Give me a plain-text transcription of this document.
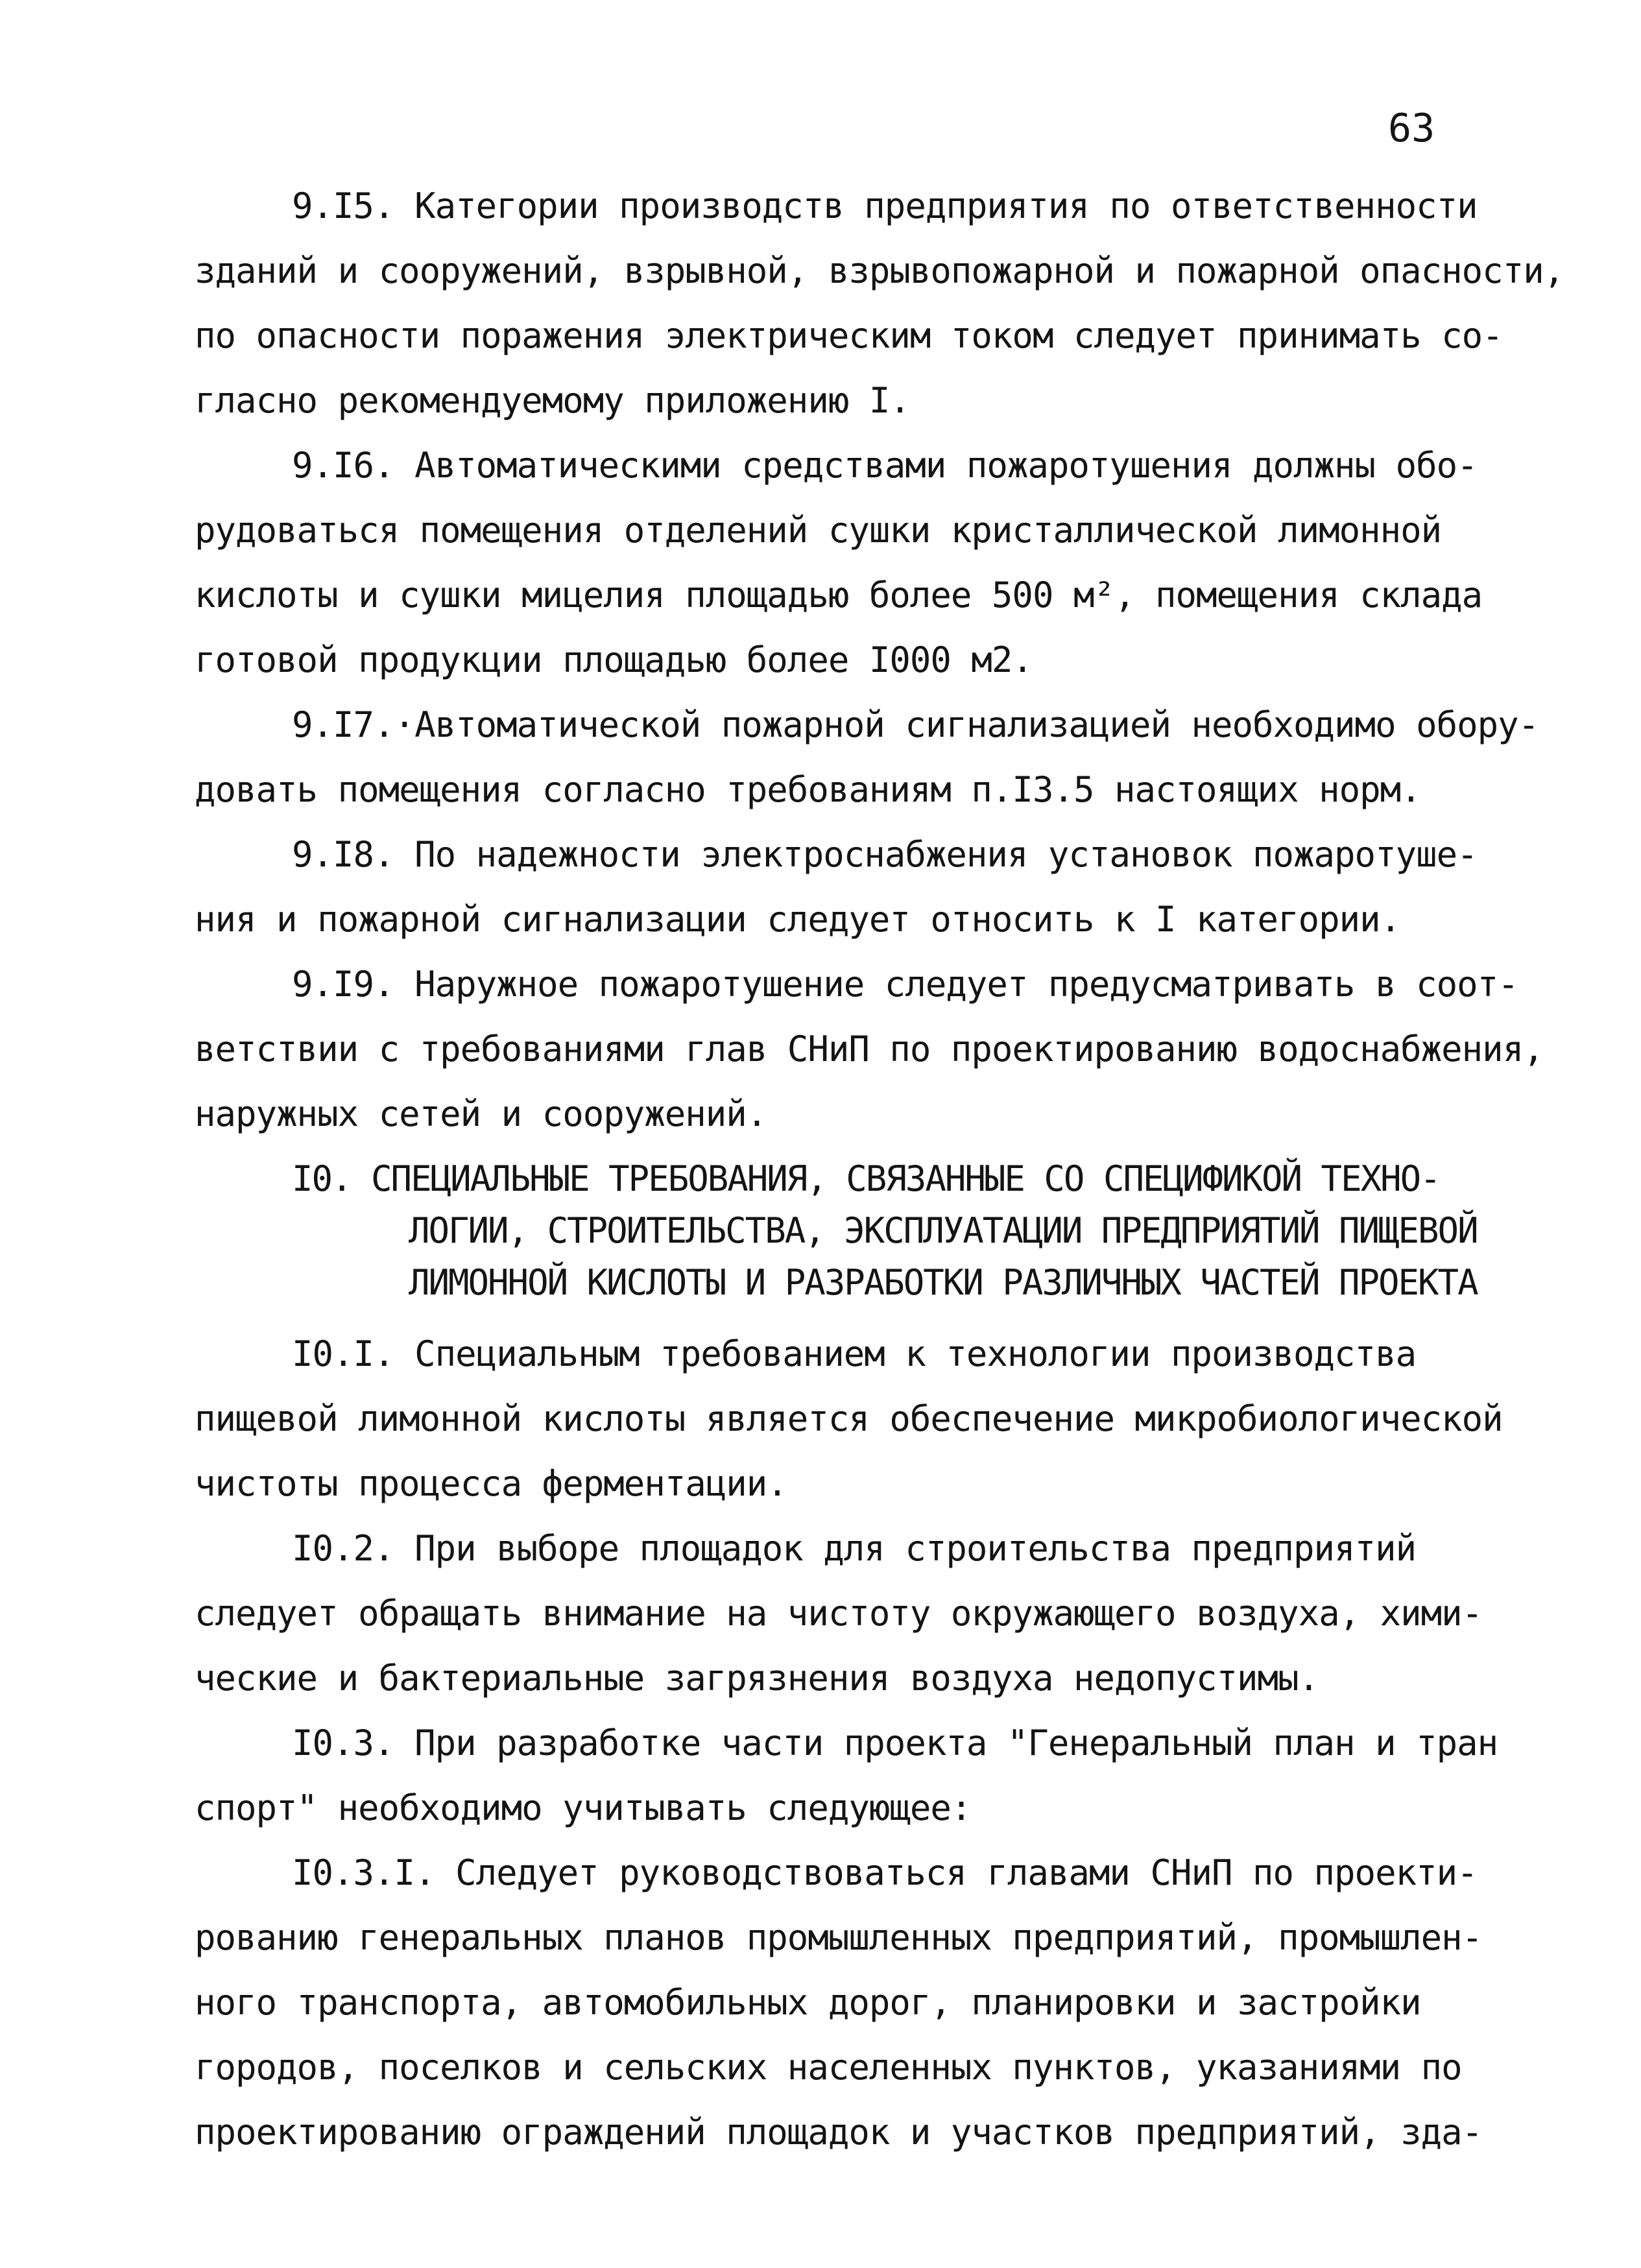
63
9.I5. Категории производств предприятия по ответственности
зданий и сооружений, взрывной, взрывопожарной и пожарной опасности,
по опасности поражения электрическим током следует принимать со-
гласно рекомендуемому приложению I.
9.I6. Автоматическими средствами пожаротушения должны обо-
рудоваться помещения отделений сушки кристаллической лимонной
кислоты и сушки мицелия площадью более 500 м², помещения склада
готовой продукции площадью более I000 м2.
9.I7.·Автоматической пожарной сигнализацией необходимо обору-
довать помещения согласно требованиям п.I3.5 настоящих норм.
9.I8. По надежности электроснабжения установок пожаротуше-
ния и пожарной сигнализации следует относить к I категории.
9.I9. Наружное пожаротушение следует предусматривать в соот-
ветствии с требованиями глав СНиП по проектированию водоснабжения,
наружных сетей и сооружений.
I0. СПЕЦИАЛЬНЫЕ ТРЕБОВАНИЯ, СВЯЗАННЫЕ СО СПЕЦИФИКОЙ ТЕХНО-
ЛОГИИ, СТРОИТЕЛЬСТВА, ЭКСПЛУАТАЦИИ ПРЕДПРИЯТИЙ ПИЩЕВОЙ
ЛИМОННОЙ КИСЛОТЫ И РАЗРАБОТКИ РАЗЛИЧНЫХ ЧАСТЕЙ ПРОЕКТА
I0.I. Специальным требованием к технологии производства
пищевой лимонной кислоты является обеспечение микробиологической
чистоты процесса ферментации.
I0.2. При выборе площадок для строительства предприятий
следует обращать внимание на чистоту окружающего воздуха, хими-
ческие и бактериальные загрязнения воздуха недопустимы.
I0.3. При разработке части проекта "Генеральный план и тран
спорт" необходимо учитывать следующее:
I0.3.I. Следует руководствоваться главами СНиП по проекти-
рованию генеральных планов промышленных предприятий, промышлен-
ного транспорта, автомобильных дорог, планировки и застройки
городов, поселков и сельских населенных пунктов, указаниями по
проектированию ограждений площадок и участков предприятий, зда-
